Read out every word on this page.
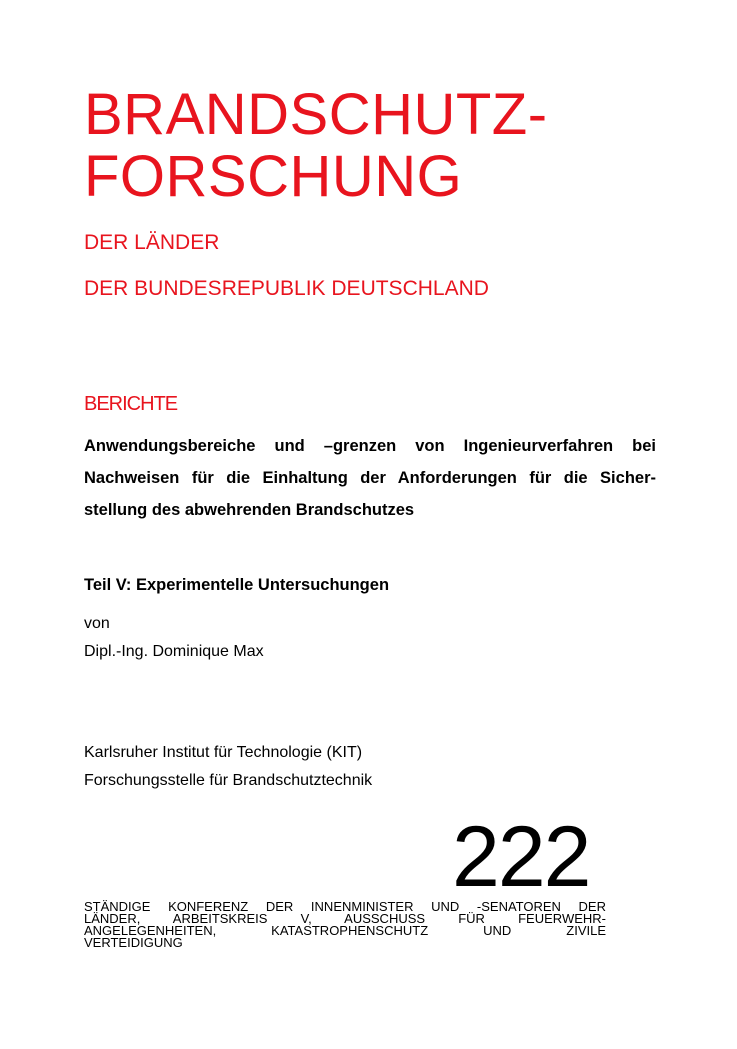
BRANDSCHUTZ-
FORSCHUNG
DER LÄNDER
DER BUNDESREPUBLIK DEUTSCHLAND
BERICHTE
Anwendungsbereiche und –grenzen von Ingenieurverfahren bei
Nachweisen für die Einhaltung der Anforderungen für die Sicher-
stellung des abwehrenden Brandschutzes
Teil V: Experimentelle Untersuchungen
von
Dipl.-Ing. Dominique Max
Karlsruher Institut für Technologie (KIT)
Forschungsstelle für Brandschutztechnik
222
STÄNDIGE KONFERENZ DER INNENMINISTER UND -SENATOREN DER
LÄNDER, ARBEITSKREIS V, AUSSCHUSS FÜR FEUERWEHR-
ANGELEGENHEITEN, KATASTROPHENSCHUTZ UND ZIVILE
VERTEIDIGUNG
